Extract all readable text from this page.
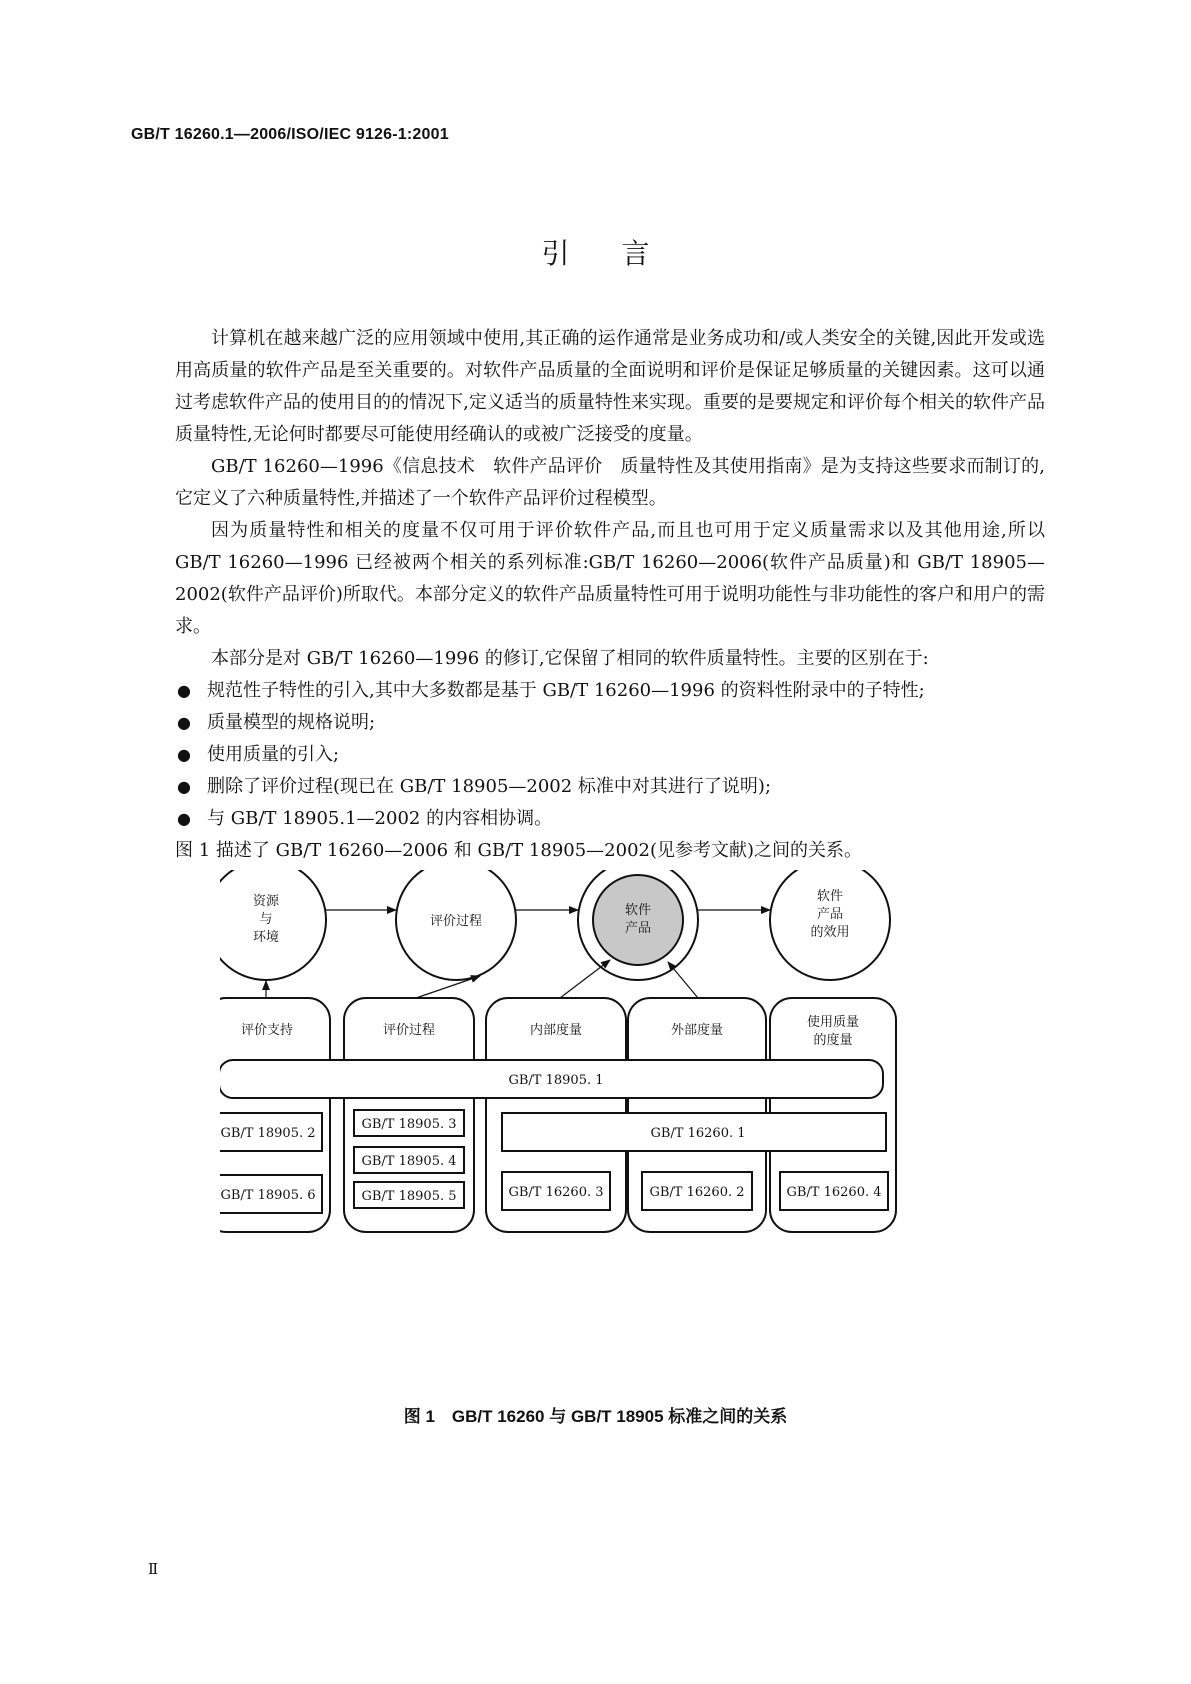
GB/T 16260.1—2006/ISO/IEC 9126-1:2001
引言

计算机在越来越广泛的应用领域中使用,其正确的运作通常是业务成功和/或人类安全的关键,因此开发或选用高质量的软件产品是至关重要的。对软件产品质量的全面说明和评价是保证足够质量的关键因素。这可以通过考虑软件产品的使用目的的情况下,定义适当的质量特性来实现。重要的是要规定和评价每个相关的软件产品质量特性,无论何时都要尽可能使用经确认的或被广泛接受的度量。

GB/T 16260—1996《信息技术　软件产品评价　质量特性及其使用指南》是为支持这些要求而制订的,它定义了六种质量特性,并描述了一个软件产品评价过程模型。

因为质量特性和相关的度量不仅可用于评价软件产品,而且也可用于定义质量需求以及其他用途,所以 GB/T 16260—1996 已经被两个相关的系列标准:GB/T 16260—2006(软件产品质量)和 GB/T 18905—2002(软件产品评价)所取代。本部分定义的软件产品质量特性可用于说明功能性与非功能性的客户和用户的需求。

本部分是对 GB/T 16260—1996 的修订,它保留了相同的软件质量特性。主要的区别在于:

● 规范性子特性的引入,其中大多数都是基于 GB/T 16260—1996 的资料性附录中的子特性;
● 质量模型的规格说明;
● 使用质量的引入;
● 删除了评价过程(现已在 GB/T 18905—2002 标准中对其进行了说明);
● 与 GB/T 18905.1—2002 的内容相协调。

图 1 描述了 GB/T 16260—2006 和 GB/T 18905—2002(见参考文献)之间的关系。

资源
与
环境
评价过程
软件
产品
软件
产品
的效用
评价支持	评价过程	内部度量	外部度量
使用质量
的度量
GB/T 18905. 1
GB/T 16260. 1
GB/T 18905. 2
GB/T 18905. 6
GB/T 18905. 3
GB/T 18905. 4
GB/T 18905. 5	GB/T 16260. 3	GB/T 16260. 2	GB/T 16260. 4
图 1　GB/T 16260 与 GB/T 18905 标准之间的关系
Ⅱ
